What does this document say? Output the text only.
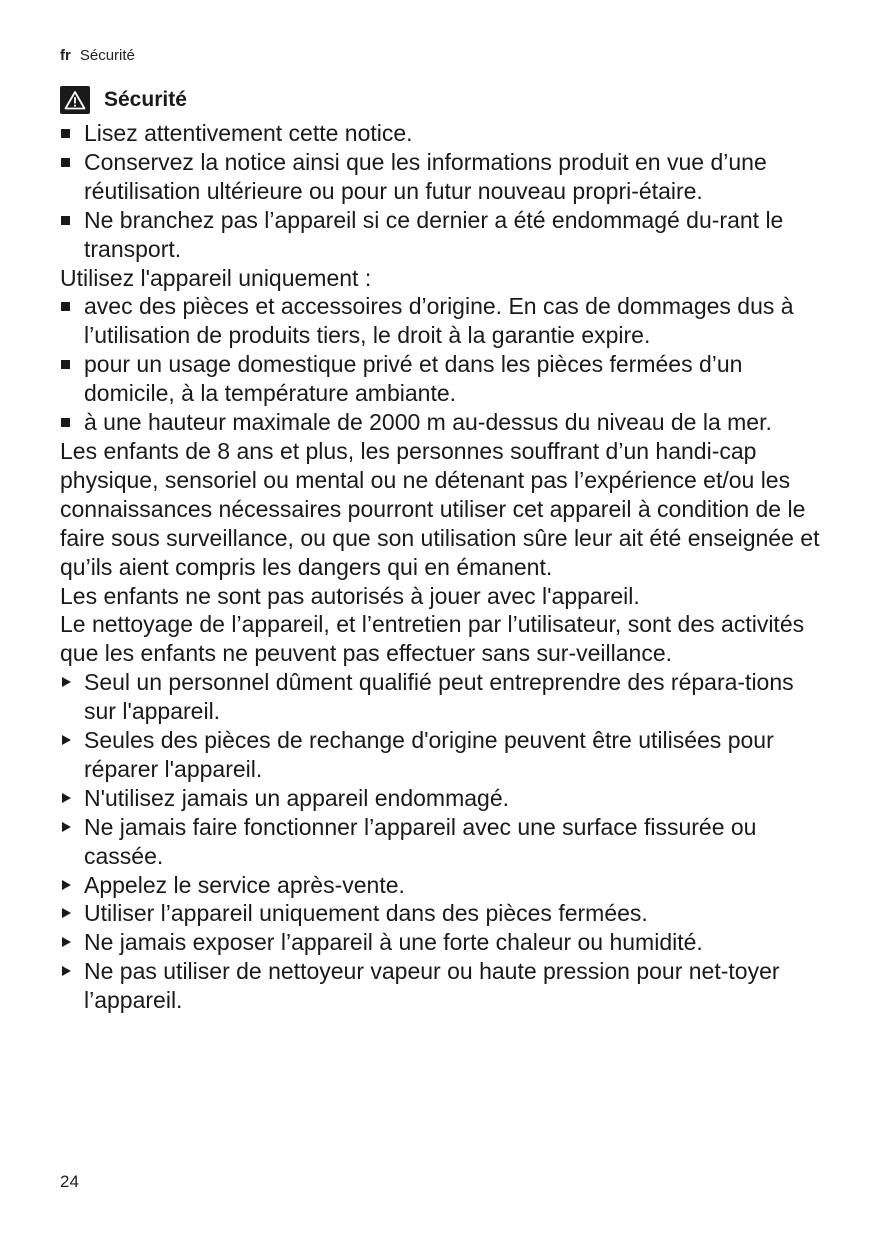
fr Sécurité
Sécurité
Lisez attentivement cette notice.
Conservez la notice ainsi que les informations produit en vue d’une réutilisation ultérieure ou pour un futur nouveau propri-étaire.
Ne branchez pas l’appareil si ce dernier a été endommagé du-rant le transport.

Utilisez l'appareil uniquement :

avec des pièces et accessoires d’origine. En cas de dommages dus à l’utilisation de produits tiers, le droit à la garantie expire.
pour un usage domestique privé et dans les pièces fermées d’un domicile, à la température ambiante.
à une hauteur maximale de 2000 m au-dessus du niveau de la mer.

Les enfants de 8 ans et plus, les personnes souffrant d’un handi-cap physique, sensoriel ou mental ou ne détenant pas l’expérience et/ou les connaissances nécessaires pourront utiliser cet appareil à condition de le faire sous surveillance, ou que son utilisation sûre leur ait été enseignée et qu’ils aient compris les dangers qui en émanent.

Les enfants ne sont pas autorisés à jouer avec l'appareil.

Le nettoyage de l’appareil, et l’entretien par l’utilisateur, sont des activités que les enfants ne peuvent pas effectuer sans sur-veillance.

Seul un personnel dûment qualifié peut entreprendre des répara-tions sur l'appareil.
Seules des pièces de rechange d'origine peuvent être utilisées pour réparer l'appareil.
N'utilisez jamais un appareil endommagé.
Ne jamais faire fonctionner l’appareil avec une surface fissurée ou cassée.
Appelez le service après-vente.
Utiliser l’appareil uniquement dans des pièces fermées.
Ne jamais exposer l’appareil à une forte chaleur ou humidité.
Ne pas utiliser de nettoyeur vapeur ou haute pression pour net-toyer l’appareil.
24
